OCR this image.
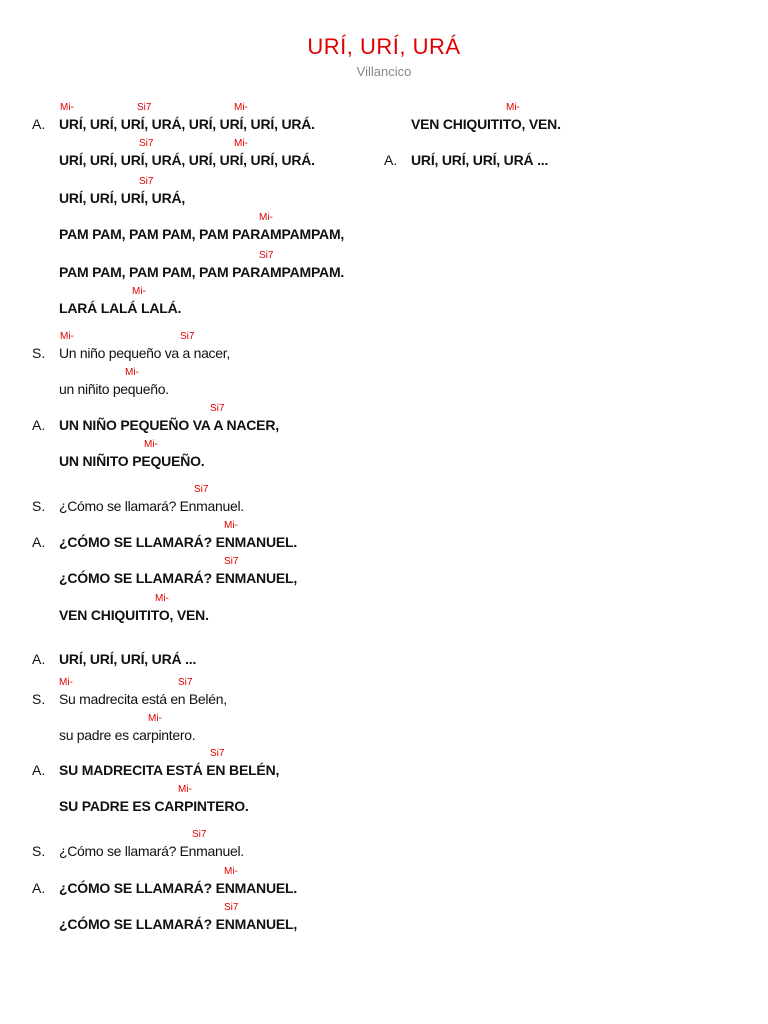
URÍ, URÍ, URÁ
Villancico
Mi-	Si7	Mi-
A. URÍ, URÍ, URÍ, URÁ, URÍ, URÍ, URÍ, URÁ.
Si7	Mi-
URÍ, URÍ, URÍ, URÁ, URÍ, URÍ, URÍ, URÁ.
Si7
URÍ, URÍ, URÍ, URÁ,
Mi-
PAM PAM, PAM PAM, PAM PARAMPAMPAM,
Si7
PAM PAM, PAM PAM, PAM PARAMPAMPAM.
Mi-
LARÁ LALÁ LALÁ.
Mi-	Si7
S. Un niño pequeño va a nacer,
Mi-
un niñito pequeño.
Si7
A. UN NIÑO PEQUEÑO VA A NACER,
Mi-
UN NIÑITO PEQUEÑO.
Si7
S. ¿Cómo se llamará? Enmanuel.
Mi-
A. ¿CÓMO SE LLAMARÁ? ENMANUEL.
Si7
¿CÓMO SE LLAMARÁ? ENMANUEL,
Mi-
VEN CHIQUITITO, VEN.
A. URÍ, URÍ, URÍ, URÁ ...
Mi-	Si7
S. Su madrecita está en Belén,
Mi-
su padre es carpintero.
Si7
A. SU MADRECITA ESTÁ EN BELÉN,
Mi-
SU PADRE ES CARPINTERO.
Si7
S. ¿Cómo se llamará? Enmanuel.
Mi-
A. ¿CÓMO SE LLAMARÁ? ENMANUEL.
Si7
¿CÓMO SE LLAMARÁ? ENMANUEL,
Mi-
VEN CHIQUITITO, VEN.
A. URÍ, URÍ, URÍ, URÁ ...
